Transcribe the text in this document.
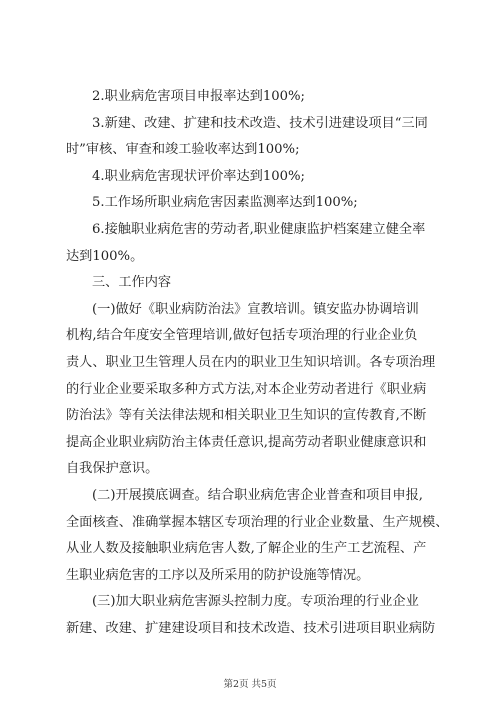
2.职业病危害项目申报率达到100%;
3.新建、改建、扩建和技术改造、技术引进建设项目“三同
时”审核、审查和竣工验收率达到100%;
4.职业病危害现状评价率达到100%;
5.工作场所职业病危害因素监测率达到100%;
6.接触职业病危害的劳动者,职业健康监护档案建立健全率
达到100%。
三、工作内容
(一)做好《职业病防治法》宣教培训。镇安监办协调培训
机构,结合年度安全管理培训,做好包括专项治理的行业企业负
责人、职业卫生管理人员在内的职业卫生知识培训。各专项治理
的行业企业要采取多种方式方法,对本企业劳动者进行《职业病
防治法》等有关法律法规和相关职业卫生知识的宣传教育,不断
提高企业职业病防治主体责任意识,提高劳动者职业健康意识和
自我保护意识。
(二)开展摸底调查。结合职业病危害企业普查和项目申报,
全面核查、准确掌握本辖区专项治理的行业企业数量、生产规模、
从业人数及接触职业病危害人数,了解企业的生产工艺流程、产
生职业病危害的工序以及所采用的防护设施等情况。
(三)加大职业病危害源头控制力度。专项治理的行业企业
新建、改建、扩建建设项目和技术改造、技术引进项目职业病防
第2页 共5页
